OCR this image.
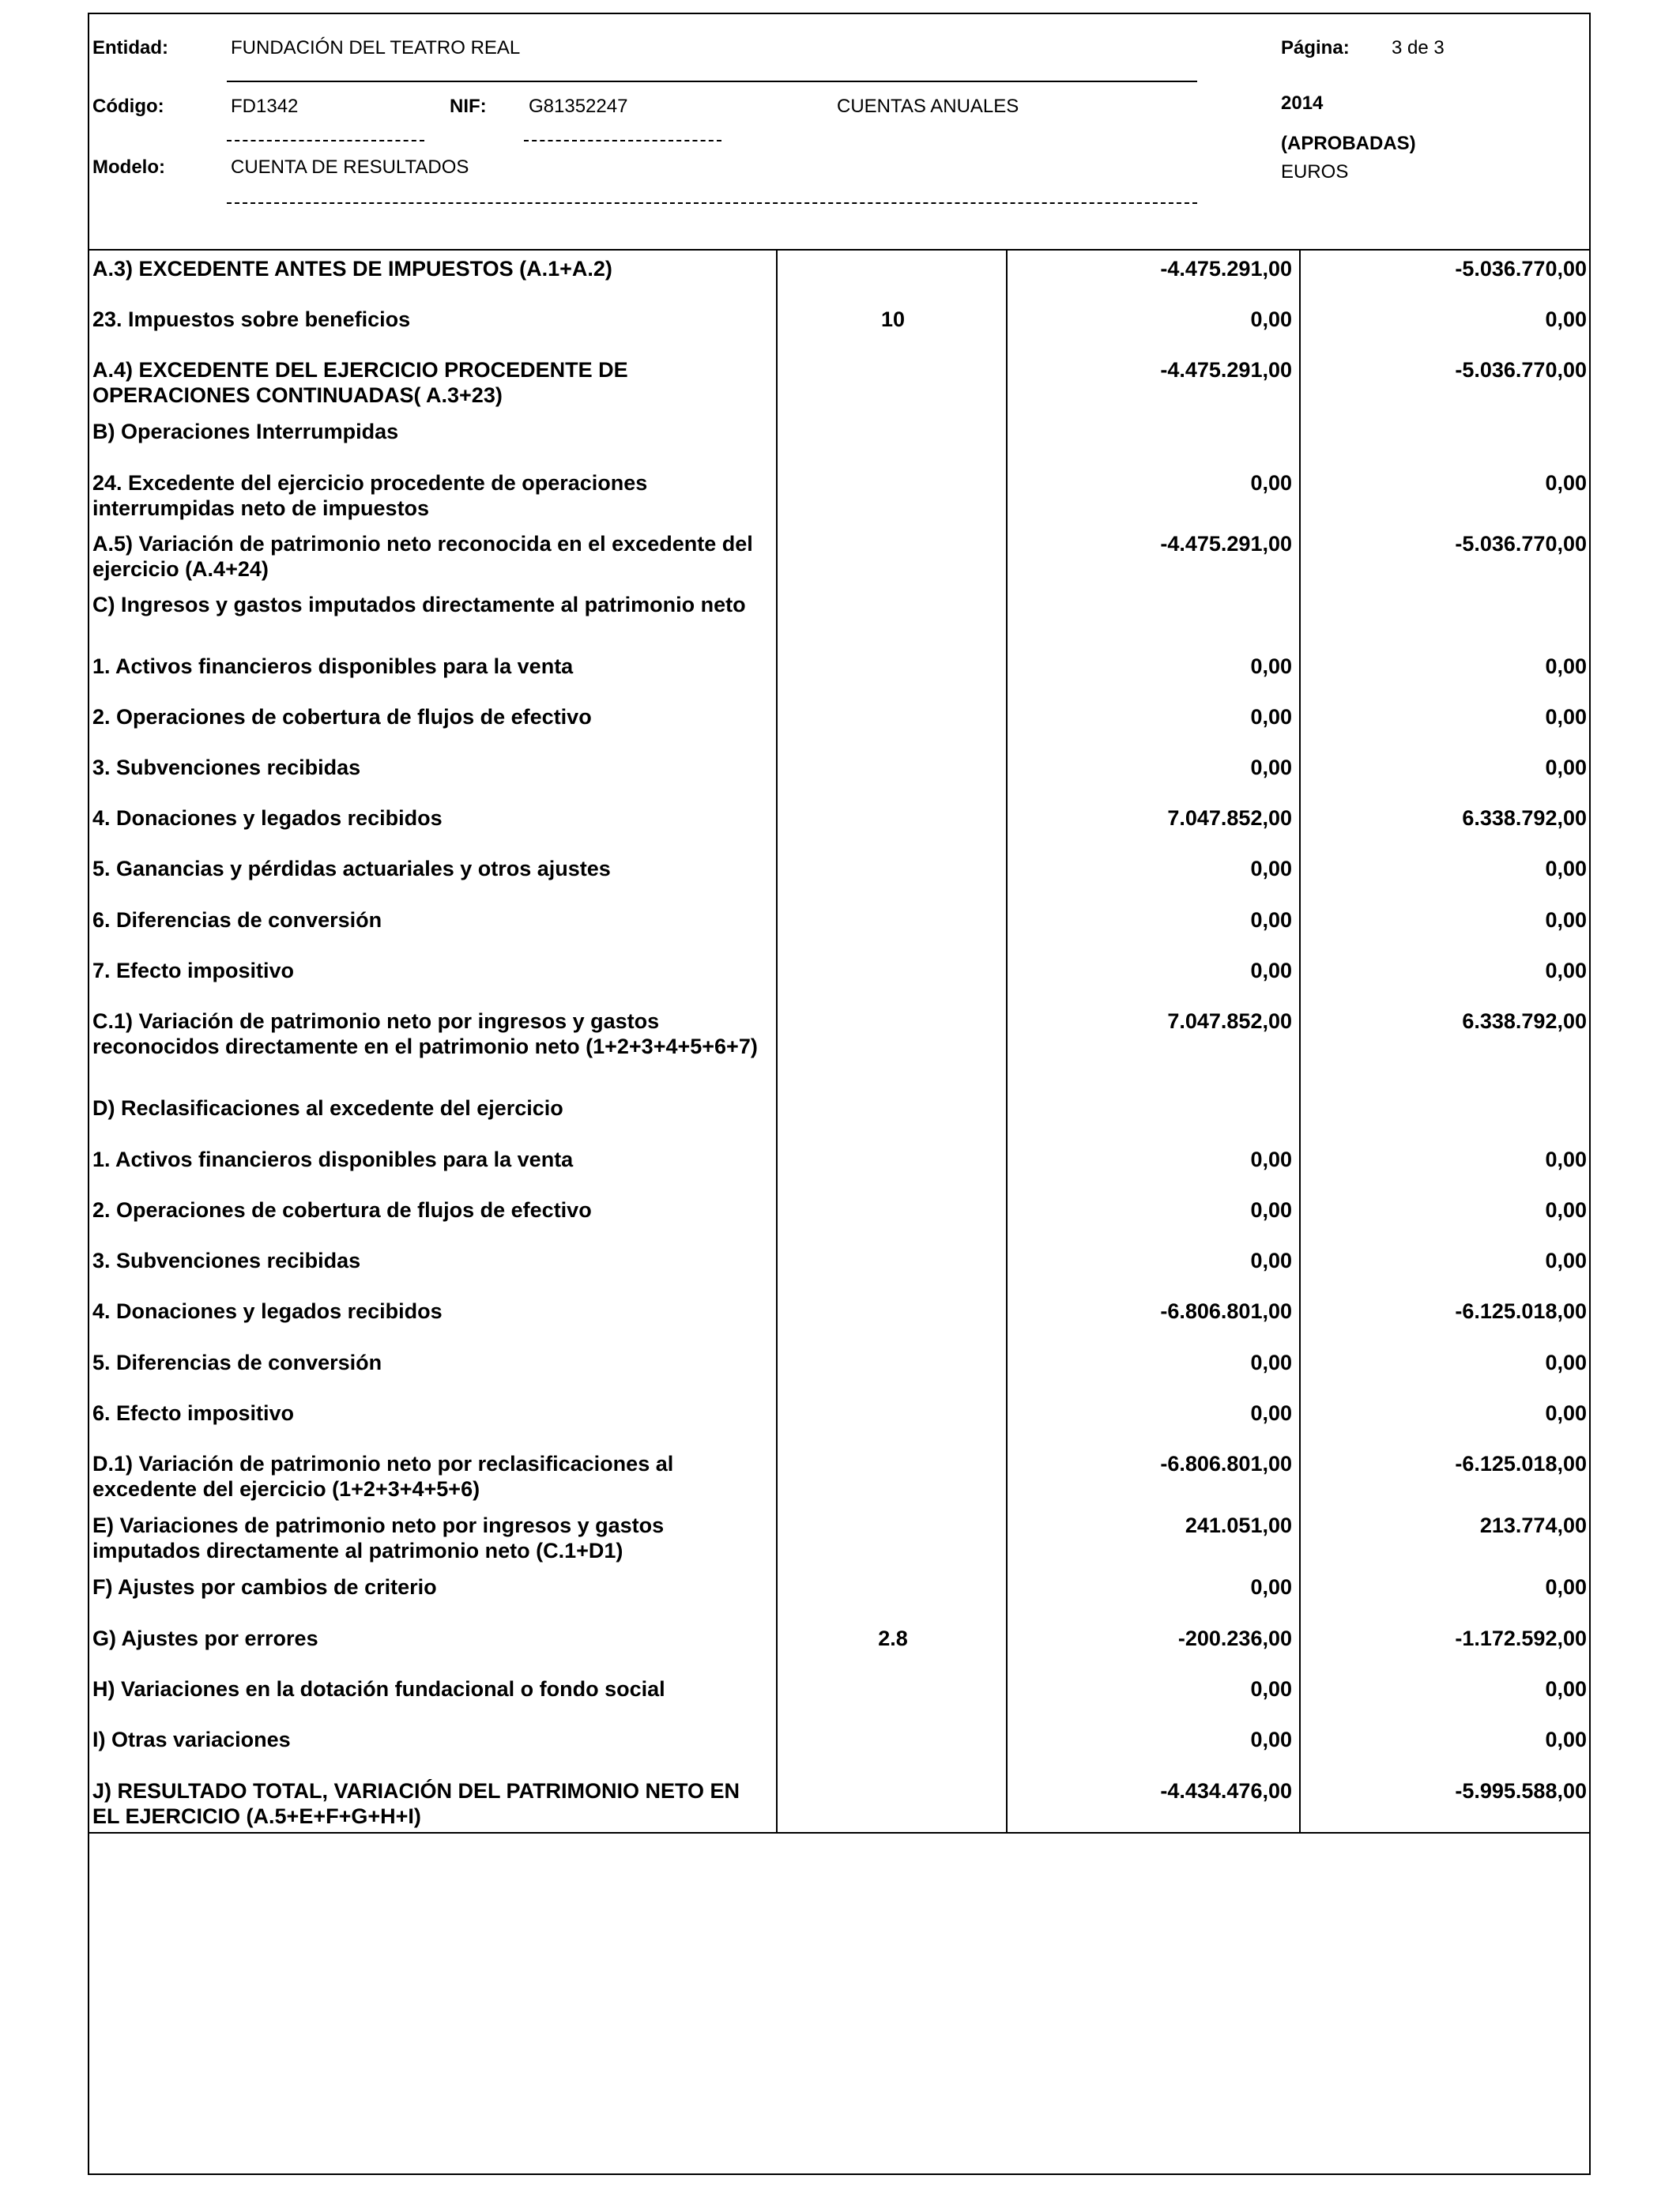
Entidad:	FUNDACIÓN DEL TEATRO REAL	Página: 3 de 3
Código:	FD1342	NIF: G81352247	CUENTAS ANUALES	2014
(APROBADAS)
Modelo:	CUENTA DE RESULTADOS	EUROS
A.3) EXCEDENTE ANTES DE IMPUESTOS (A.1+A.2)	-4.475.291,00	-5.036.770,00
23. Impuestos sobre beneficios	10	0,00	0,00
A.4) EXCEDENTE DEL EJERCICIO PROCEDENTE DE OPERACIONES CONTINUADAS( A.3+23)
-4.475.291,00	-5.036.770,00
B) Operaciones Interrumpidas
24. Excedente del ejercicio procedente de operaciones interrumpidas neto de impuestos
0,00	0,00
A.5) Variación de patrimonio neto reconocida en el excedente del ejercicio (A.4+24)
-4.475.291,00	-5.036.770,00
C) Ingresos y gastos imputados directamente al patrimonio neto
1. Activos financieros disponibles para la venta	0,00	0,00
2. Operaciones de cobertura de flujos de efectivo	0,00	0,00
3. Subvenciones recibidas	0,00	0,00
4. Donaciones y legados recibidos	7.047.852,00	6.338.792,00
5. Ganancias y pérdidas actuariales y otros ajustes	0,00	0,00
6. Diferencias de conversión	0,00	0,00
7. Efecto impositivo	0,00	0,00
C.1) Variación de patrimonio neto por ingresos y gastos reconocidos directamente en el patrimonio neto (1+2+3+4+5+6+7)
7.047.852,00	6.338.792,00
D) Reclasificaciones al excedente del ejercicio
1. Activos financieros disponibles para la venta	0,00	0,00
2. Operaciones de cobertura de flujos de efectivo	0,00	0,00
3. Subvenciones recibidas	0,00	0,00
4. Donaciones y legados recibidos	-6.806.801,00	-6.125.018,00
5. Diferencias de conversión	0,00	0,00
6. Efecto impositivo	0,00	0,00
D.1) Variación de patrimonio neto por reclasificaciones al excedente del ejercicio (1+2+3+4+5+6)
-6.806.801,00	-6.125.018,00
E) Variaciones de patrimonio neto por ingresos y gastos imputados directamente al patrimonio neto (C.1+D1)
241.051,00	213.774,00
F) Ajustes por cambios de criterio	0,00	0,00
G) Ajustes por errores	2.8	-200.236,00	-1.172.592,00
H) Variaciones en la dotación fundacional o fondo social	0,00	0,00
I) Otras variaciones	0,00	0,00
J) RESULTADO TOTAL, VARIACIÓN DEL PATRIMONIO NETO EN EL EJERCICIO (A.5+E+F+G+H+I)
-4.434.476,00	-5.995.588,00
